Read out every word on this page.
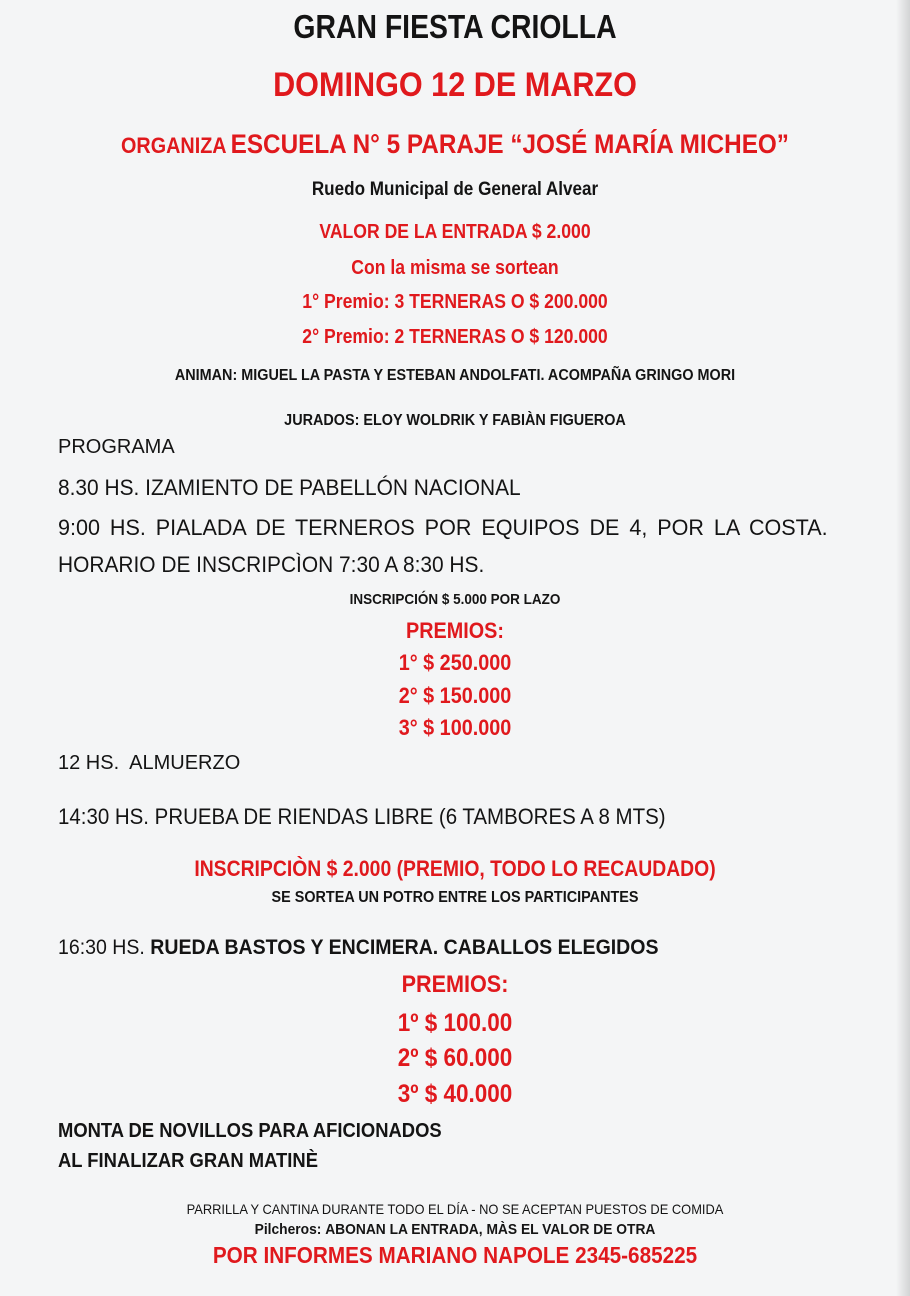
GRAN FIESTA CRIOLLA

DOMINGO 12 DE MARZO

ORGANIZA ESCUELA N° 5 PARAJE “JOSÉ MARÍA MICHEO”

Ruedo Municipal de General Alvear

VALOR DE LA ENTRADA $ 2.000

Con la misma se sortean

1° Premio: 3 TERNERAS O $ 200.000

2° Premio: 2 TERNERAS O $ 120.000

ANIMAN: MIGUEL LA PASTA Y ESTEBAN ANDOLFATI. ACOMPAÑA GRINGO MORI

JURADOS: ELOY WOLDRIK Y FABIÀN FIGUEROA

PROGRAMA

8.30 HS. IZAMIENTO DE PABELLÓN NACIONAL

9:00 HS. PIALADA DE TERNEROS POR EQUIPOS DE 4, POR LA COSTA.

HORARIO DE INSCRIPCÌON 7:30 A 8:30 HS.

INSCRIPCIÓN $ 5.000 POR LAZO

PREMIOS:

1° $ 250.000

2° $ 150.000

3° $ 100.000

12 HS.  ALMUERZO

14:30 HS. PRUEBA DE RIENDAS LIBRE (6 TAMBORES A 8 MTS)

INSCRIPCIÒN $ 2.000 (PREMIO, TODO LO RECAUDADO)

SE SORTEA UN POTRO ENTRE LOS PARTICIPANTES

16:30 HS. RUEDA BASTOS Y ENCIMERA. CABALLOS ELEGIDOS

PREMIOS:

1º $ 100.00

2º $ 60.000

3º $ 40.000

MONTA DE NOVILLOS PARA AFICIONADOS

AL FINALIZAR GRAN MATINÈ

PARRILLA Y CANTINA DURANTE TODO EL DÍA - NO SE ACEPTAN PUESTOS DE COMIDA

Pilcheros: ABONAN LA ENTRADA, MÀS EL VALOR DE OTRA

POR INFORMES MARIANO NAPOLE 2345-685225
